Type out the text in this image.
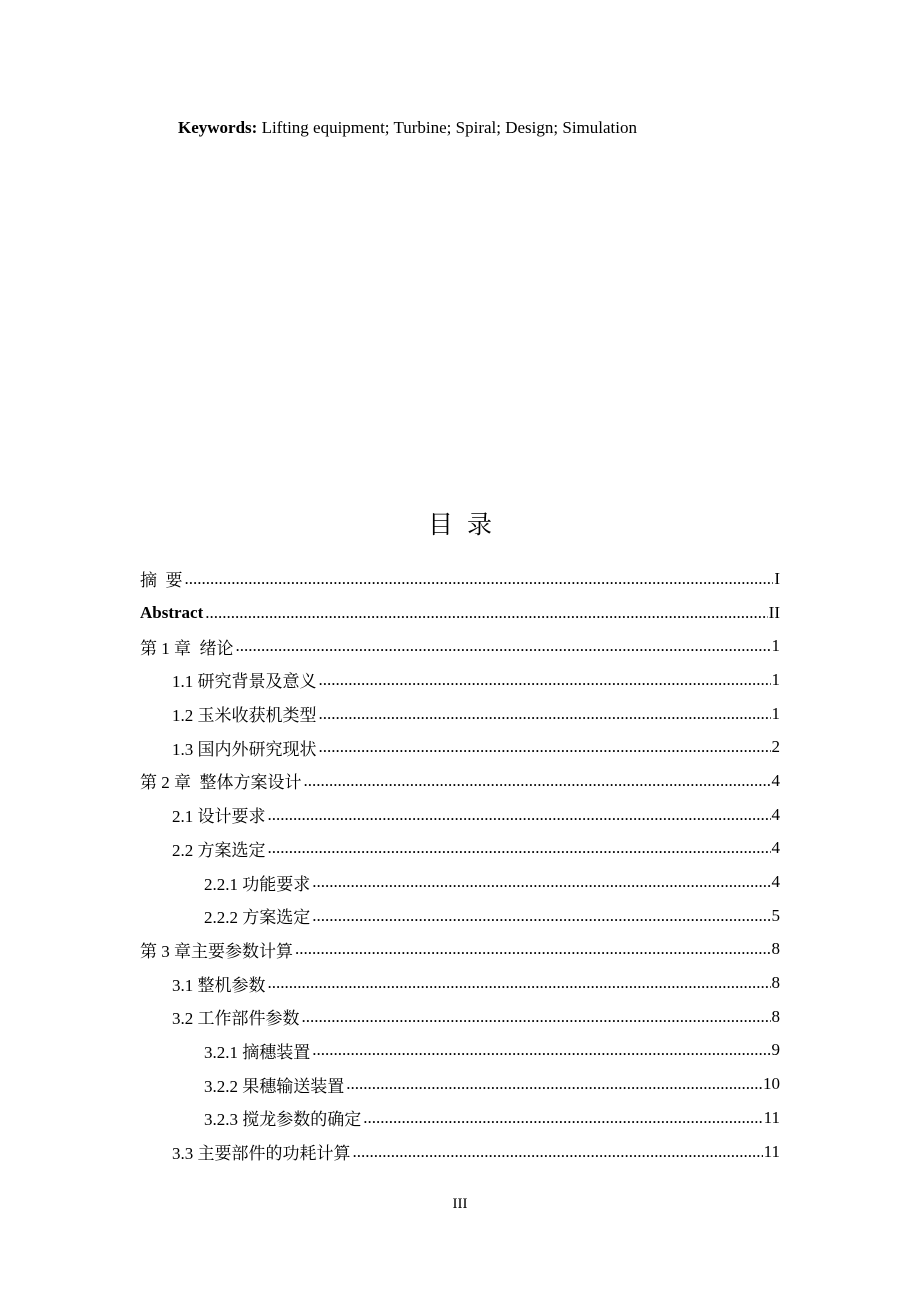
Keywords: Lifting equipment; Turbine; Spiral; Design; Simulation
目录
摘  要 .....	I
Abstract .....	II
第 1 章  绪论 .....	1
1.1 研究背景及意义 .....	1
1.2 玉米收获机类型 .....	1
1.3 国内外研究现状 .....	2
第 2 章  整体方案设计 .....	4
2.1 设计要求 .....	4
2.2 方案选定 .....	4
2.2.1 功能要求 .....	4
2.2.2 方案选定 .....	5
第 3 章主要参数计算 .....	8
3.1 整机参数 .....	8
3.2 工作部件参数 .....	8
3.2.1 摘穗装置 .....	9
3.2.2 果穗输送装置 .....	10
3.2.3 搅龙参数的确定 .....	11
3.3 主要部件的功耗计算 .....	11
III
